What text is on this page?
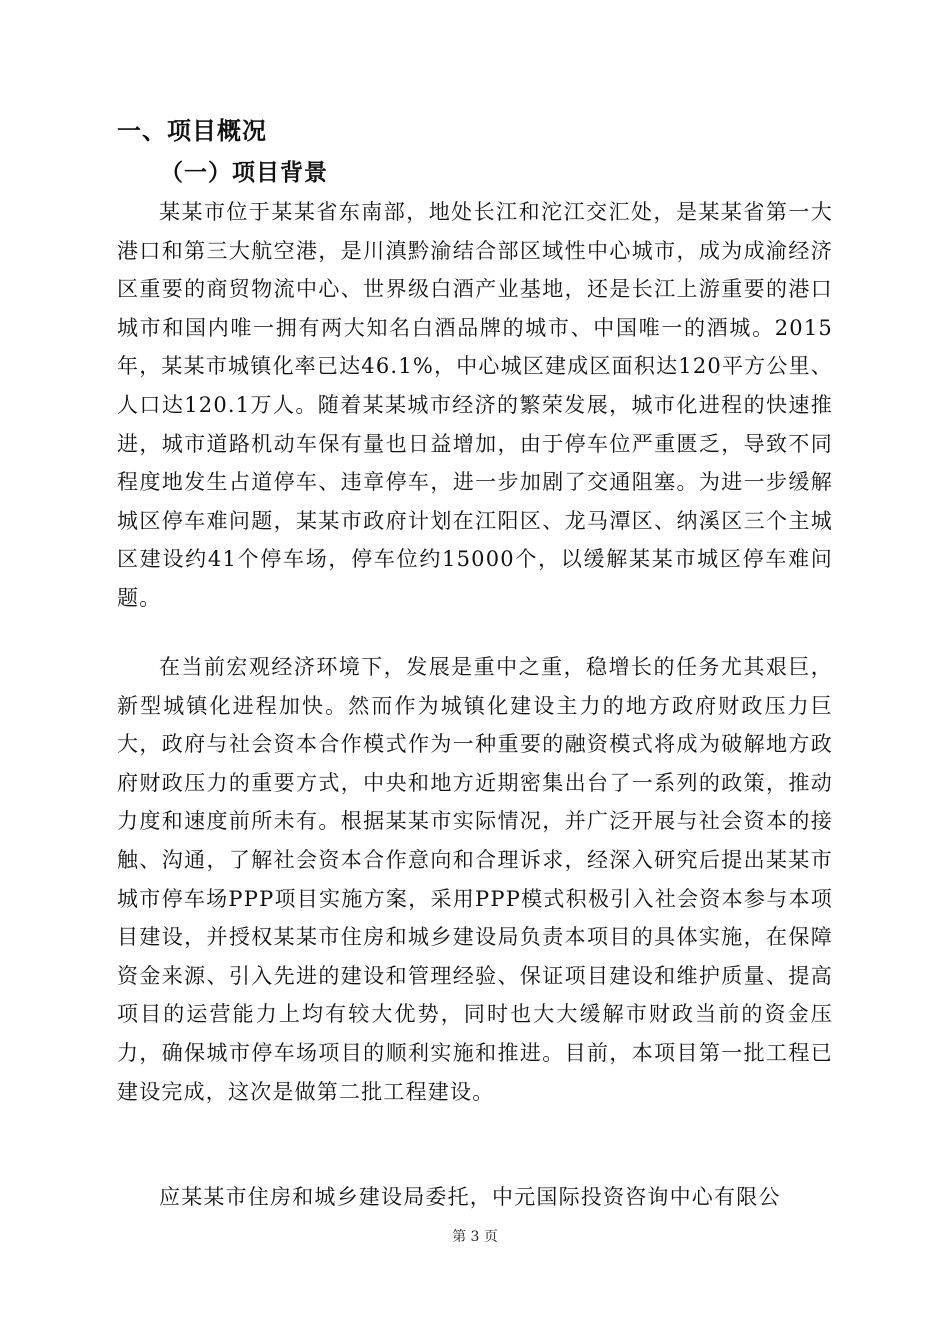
一、项目概况
（一）项目背景

某某市位于某某省东南部，地处长江和沱江交汇处，是某某省第一大港口和第三大航空港，是川滇黔渝结合部区域性中心城市，成为成渝经济区重要的商贸物流中心、世界级白酒产业基地，还是长江上游重要的港口城市和国内唯一拥有两大知名白酒品牌的城市、中国唯一的酒城。2015年，某某市城镇化率已达46.1%，中心城区建成区面积达120平方公里、人口达120.1万人。随着某某城市经济的繁荣发展，城市化进程的快速推进，城市道路机动车保有量也日益增加，由于停车位严重匮乏，导致不同程度地发生占道停车、违章停车，进一步加剧了交通阻塞。为进一步缓解城区停车难问题，某某市政府计划在江阳区、龙马潭区、纳溪区三个主城区建设约41个停车场，停车位约15000个，以缓解某某市城区停车难问题。

在当前宏观经济环境下，发展是重中之重，稳增长的任务尤其艰巨，新型城镇化进程加快。然而作为城镇化建设主力的地方政府财政压力巨大，政府与社会资本合作模式作为一种重要的融资模式将成为破解地方政府财政压力的重要方式，中央和地方近期密集出台了一系列的政策，推动力度和速度前所未有。根据某某市实际情况，并广泛开展与社会资本的接触、沟通，了解社会资本合作意向和合理诉求，经深入研究后提出某某市城市停车场PPP项目实施方案，采用PPP模式积极引入社会资本参与本项目建设，并授权某某市住房和城乡建设局负责本项目的具体实施，在保障资金来源、引入先进的建设和管理经验、保证项目建设和维护质量、提高项目的运营能力上均有较大优势，同时也大大缓解市财政当前的资金压力，确保城市停车场项目的顺利实施和推进。目前，本项目第一批工程已建设完成，这次是做第二批工程建设。

应某某市住房和城乡建设局委托，中元国际投资咨询中心有限公

第 3 页
